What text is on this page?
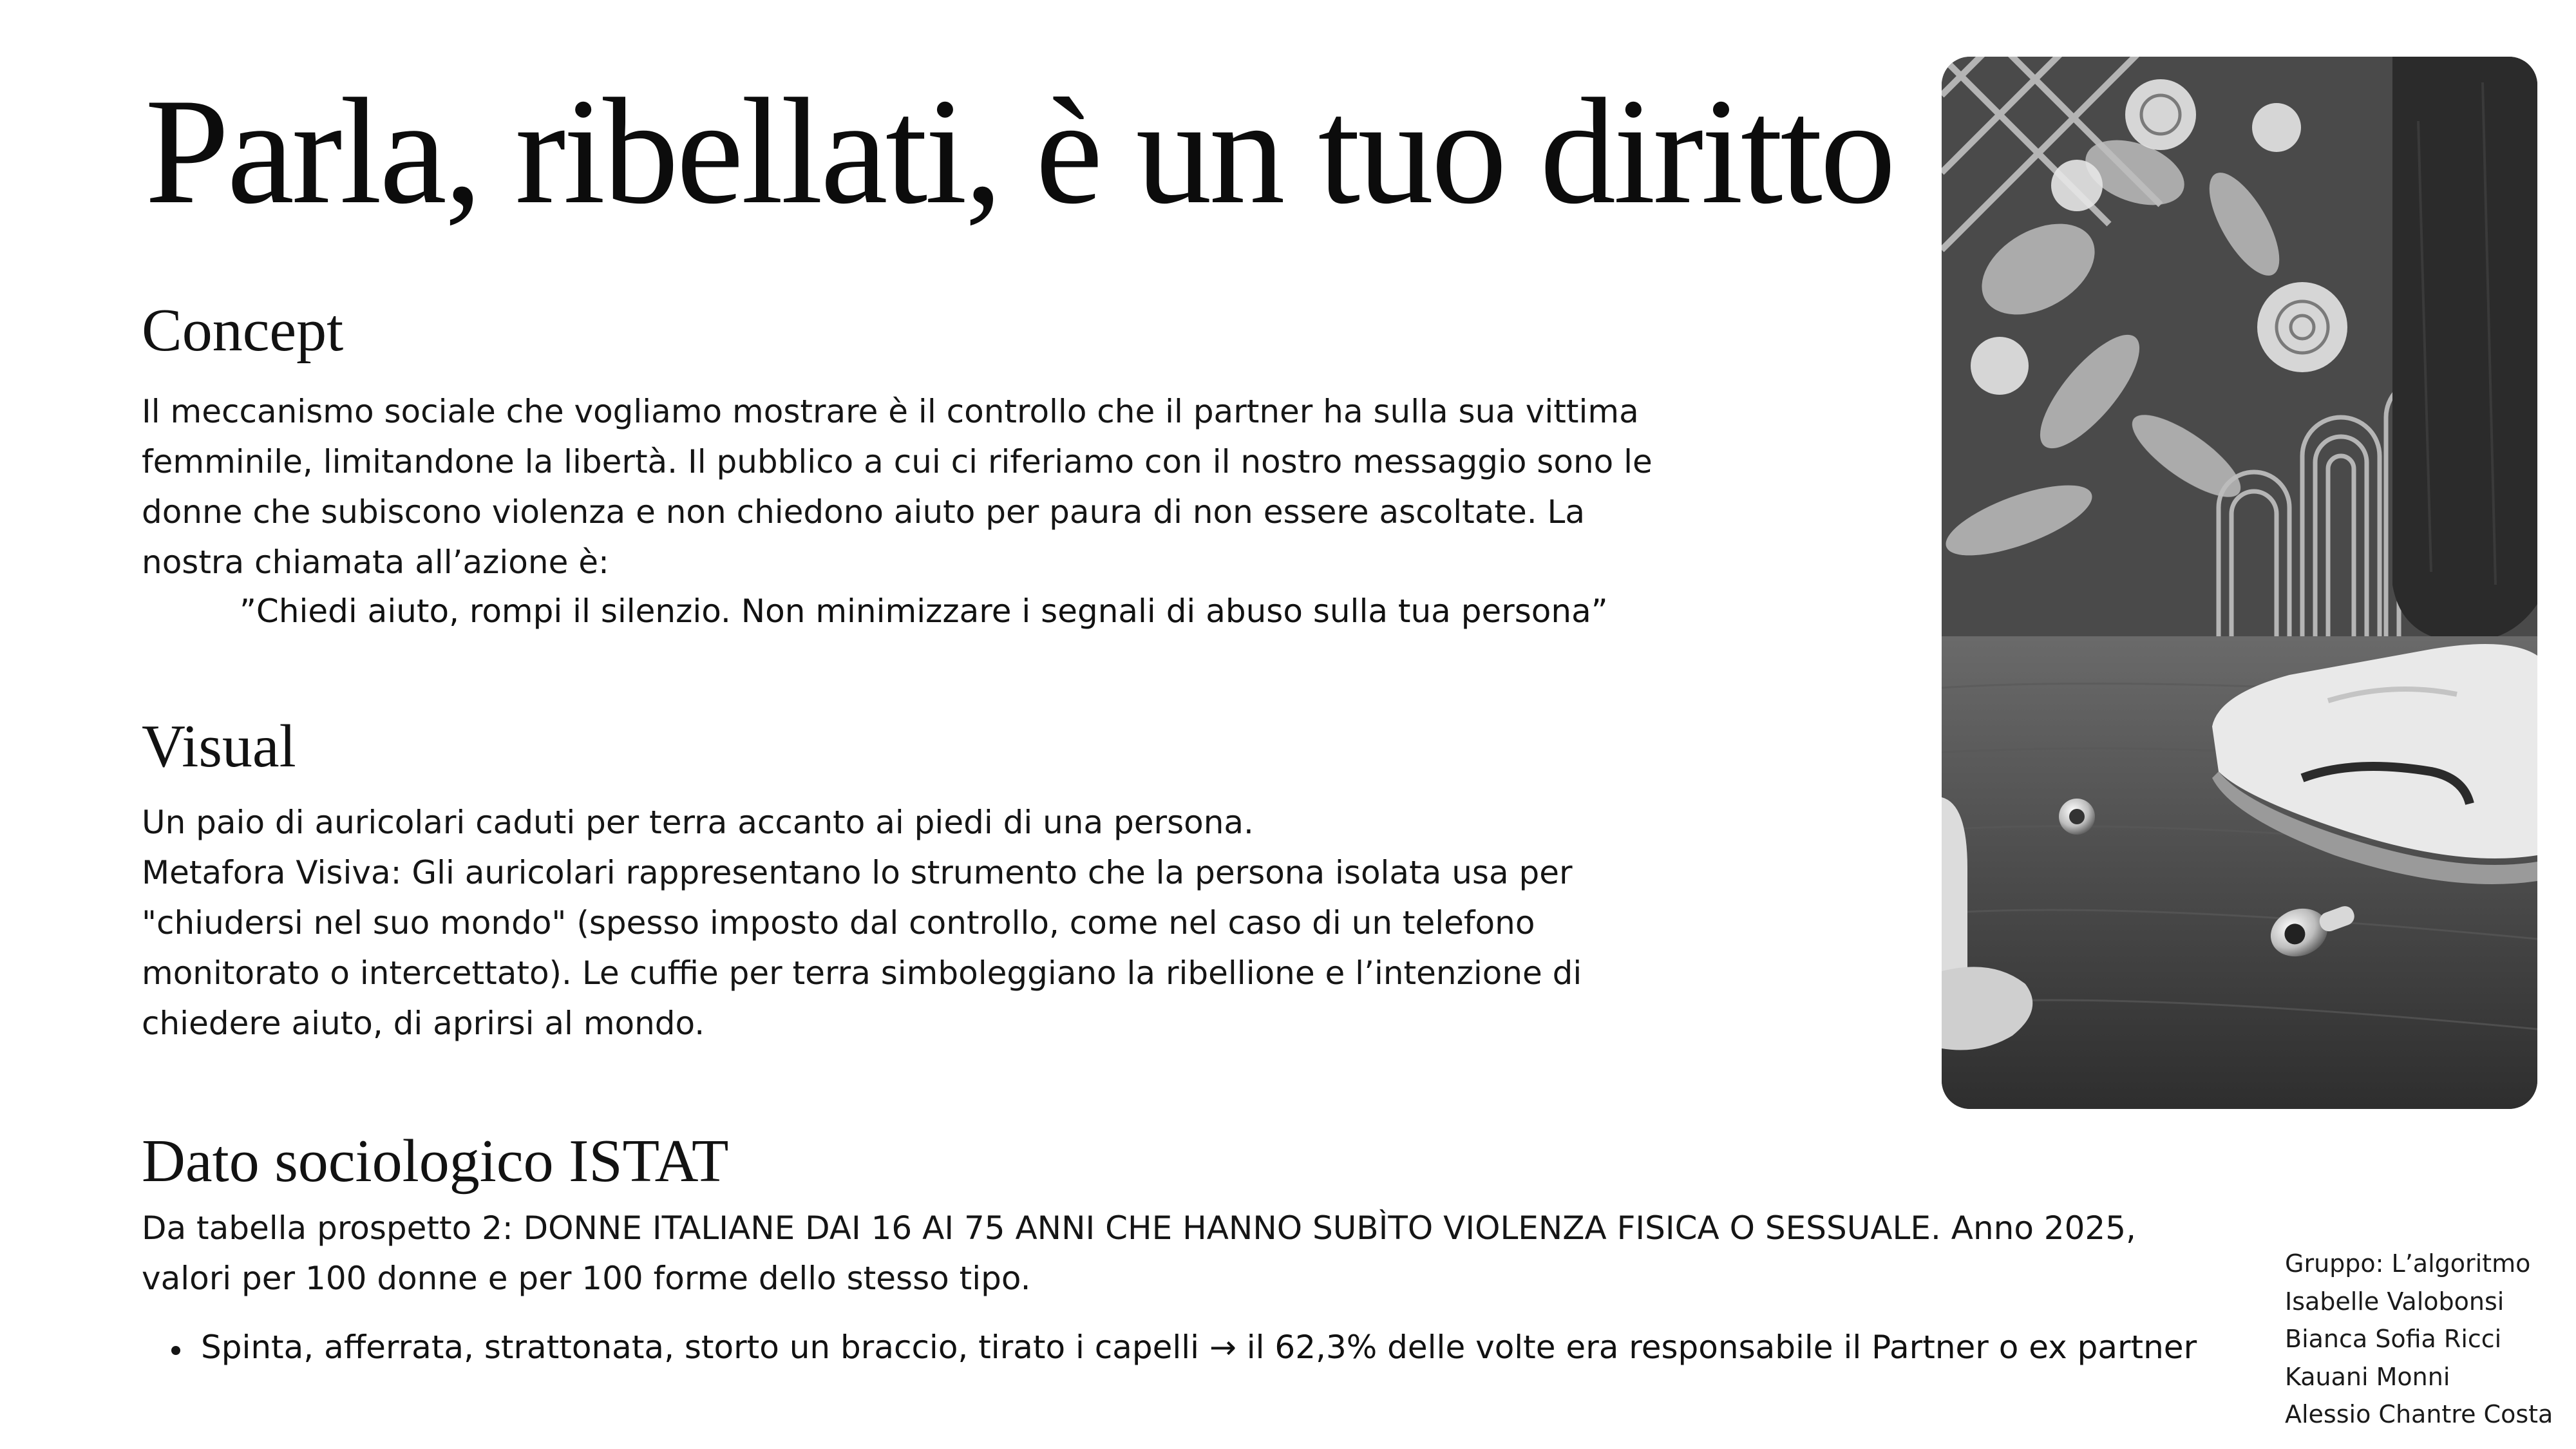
Parla, ribellati, è un tuo diritto
Concept
Il meccanismo sociale che vogliamo mostrare è il controllo che il partner ha sulla sua vittima
femminile, limitandone la libertà. Il pubblico a cui ci riferiamo con il nostro messaggio sono le
donne che subiscono violenza e non chiedono aiuto per paura di non essere ascoltate. La
nostra chiamata all’azione è:
”Chiedi aiuto, rompi il silenzio. Non minimizzare i segnali di abuso sulla tua persona”
Visual
Un paio di auricolari caduti per terra accanto ai piedi di una persona.
Metafora Visiva: Gli auricolari rappresentano lo strumento che la persona isolata usa per
"chiudersi nel suo mondo" (spesso imposto dal controllo, come nel caso di un telefono
monitorato o intercettato). Le cuffie per terra simboleggiano la ribellione e l’intenzione di
chiedere aiuto, di aprirsi al mondo.
Dato sociologico ISTAT
Da tabella prospetto 2: DONNE ITALIANE DAI 16 AI 75 ANNI CHE HANNO SUBÌTO VIOLENZA FISICA O SESSUALE. Anno 2025,
valori per 100 donne e per 100 forme dello stesso tipo.
Spinta, afferrata, strattonata, storto un braccio, tirato i capelli → il 62,3% delle volte era responsabile il Partner o ex partner
Gruppo: L’algoritmo
Isabelle Valobonsi
Bianca Sofia Ricci
Kauani Monni
Alessio Chantre Costa
